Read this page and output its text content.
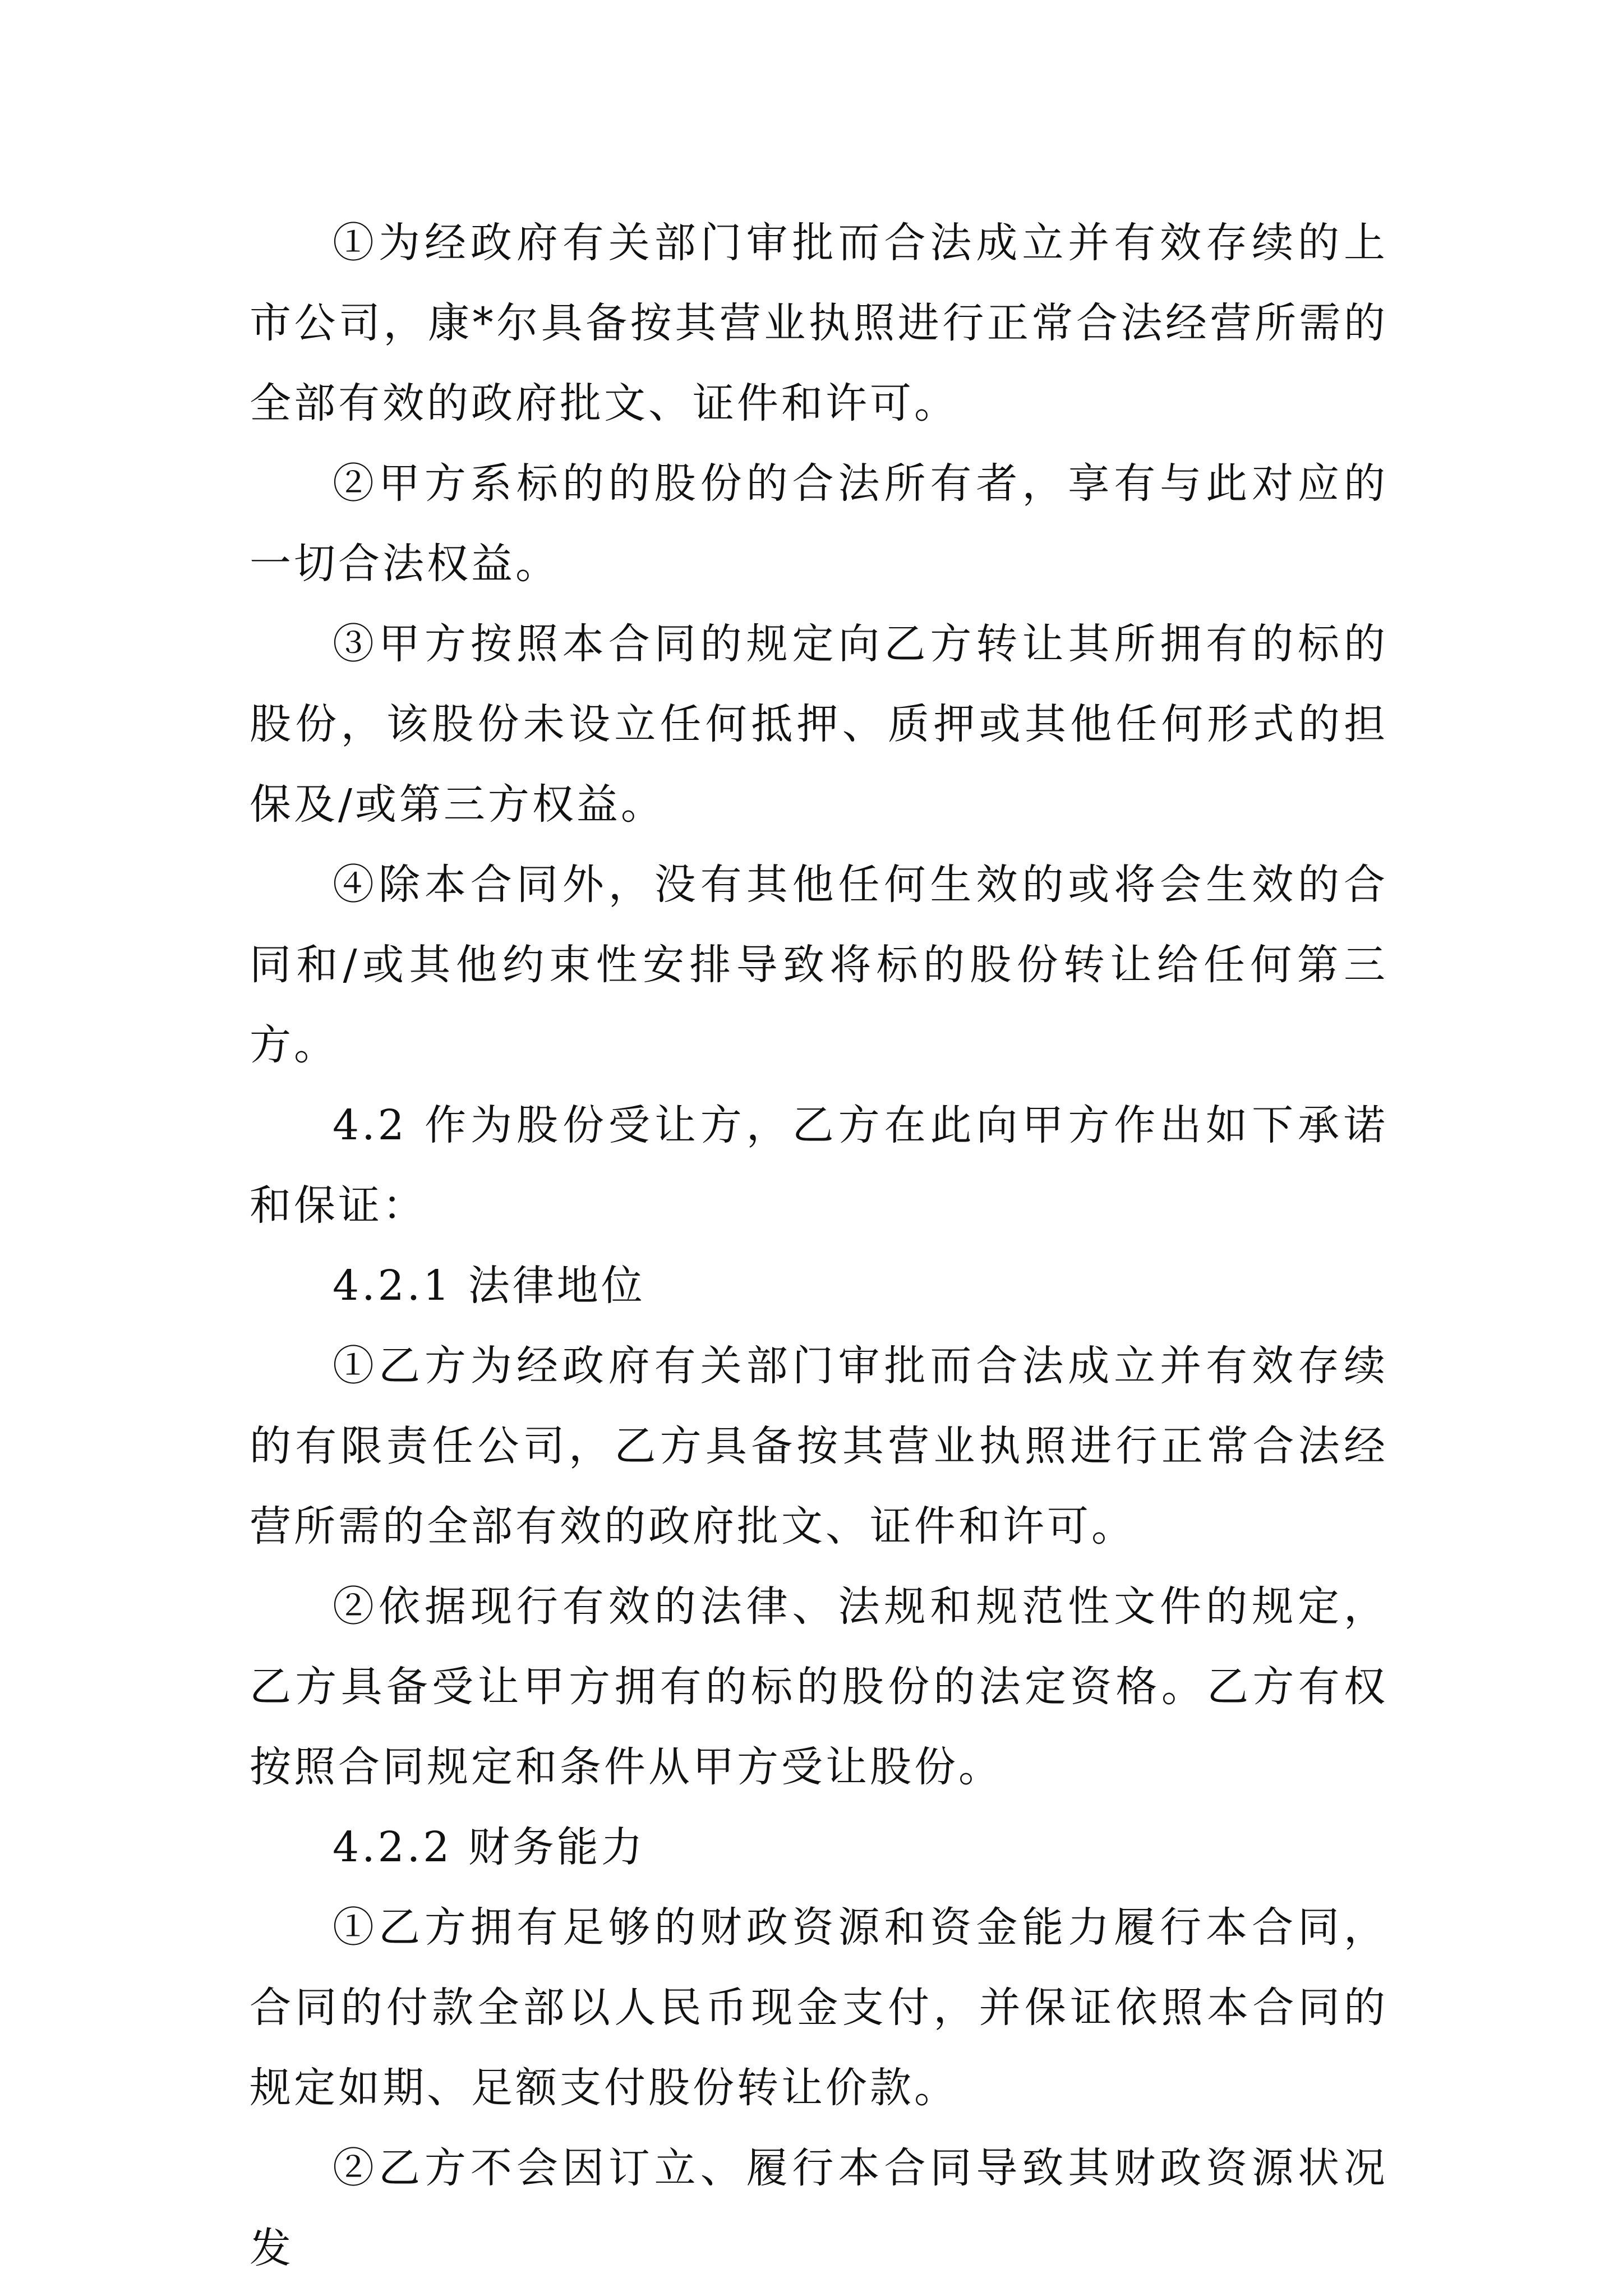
①为经政府有关部门审批而合法成立并有效存续的上市公司，康*尔具备按其营业执照进行正常合法经营所需的全部有效的政府批文、证件和许可。

②甲方系标的的股份的合法所有者，享有与此对应的一切合法权益。

③甲方按照本合同的规定向乙方转让其所拥有的标的股份，该股份未设立任何抵押、质押或其他任何形式的担保及/或第三方权益。

④除本合同外，没有其他任何生效的或将会生效的合同和/或其他约束性安排导致将标的股份转让给任何第三方。

4.2 作为股份受让方，乙方在此向甲方作出如下承诺和保证：

4.2.1 法律地位

①乙方为经政府有关部门审批而合法成立并有效存续的有限责任公司，乙方具备按其营业执照进行正常合法经营所需的全部有效的政府批文、证件和许可。

②依据现行有效的法律、法规和规范性文件的规定，乙方具备受让甲方拥有的标的股份的法定资格。乙方有权按照合同规定和条件从甲方受让股份。

4.2.2 财务能力

①乙方拥有足够的财政资源和资金能力履行本合同，合同的付款全部以人民币现金支付，并保证依照本合同的规定如期、足额支付股份转让价款。

②乙方不会因订立、履行本合同导致其财政资源状况发
